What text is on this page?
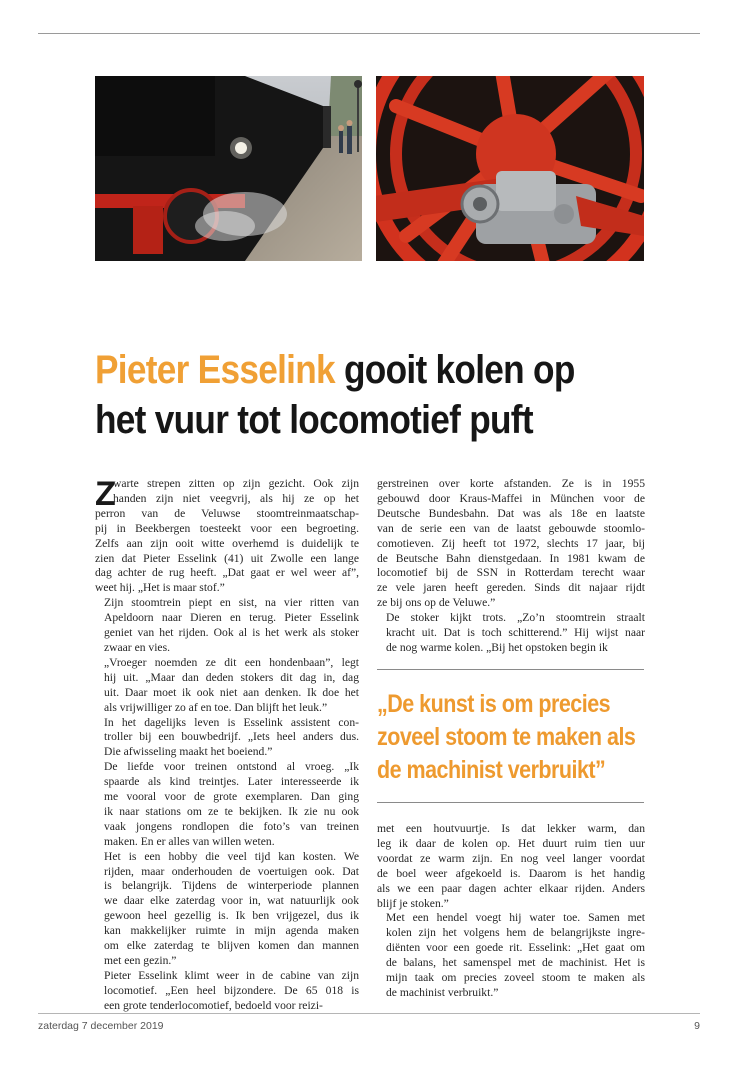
Pieter Esselink gooit kolen op
het vuur tot locomotief puft

Z
warte strepen zitten op zijn gezicht. Ook zijn
handen zijn niet veegvrij, als hij ze op het
perron van de Veluwse stoomtreinmaatschap-
pij in Beekbergen toesteekt voor een begroeting.
Zelfs aan zijn ooit witte overhemd is duidelijk te
zien dat Pieter Esselink (41) uit Zwolle een lange
dag achter de rug heeft. „Dat gaat er wel weer af”,
weet hij. „Het is maar stof.”

Zijn stoomtrein piept en sist, na vier ritten van
Apeldoorn naar Dieren en terug. Pieter Esselink
geniet van het rijden. Ook al is het werk als stoker
zwaar en vies.

„Vroeger noemden ze dit een hondenbaan”, legt
hij uit. „Maar dan deden stokers dit dag in, dag
uit. Daar moet ik ook niet aan denken. Ik doe het
als vrijwilliger zo af en toe. Dan blijft het leuk.”

In het dagelijks leven is Esselink assistent con-
troller bij een bouwbedrijf. „Iets heel anders dus.
Die afwisseling maakt het boeiend.”

De liefde voor treinen ontstond al vroeg. „Ik
spaarde als kind treintjes. Later interesseerde ik
me vooral voor de grote exemplaren. Dan ging
ik naar stations om ze te bekijken. Ik zie nu ook
vaak jongens rondlopen die foto’s van treinen
maken. En er alles van willen weten.

Het is een hobby die veel tijd kan kosten. We
rijden, maar onderhouden de voertuigen ook. Dat
is belangrijk. Tijdens de winterperiode plannen
we daar elke zaterdag voor in, wat natuurlijk ook
gewoon heel gezellig is. Ik ben vrijgezel, dus ik
kan makkelijker ruimte in mijn agenda maken
om elke zaterdag te blijven komen dan mannen
met een gezin.”

Pieter Esselink klimt weer in de cabine van zijn
locomotief. „Een heel bijzondere. De 65 018 is
een grote tenderlocomotief, bedoeld voor reizi-

gerstreinen over korte afstanden. Ze is in 1955
gebouwd door Kraus-Maffei in München voor de
Deutsche Bundesbahn. Dat was als 18e en laatste
van de serie een van de laatst gebouwde stoomlo-
comotieven. Zij heeft tot 1972, slechts 17 jaar, bij
de Beutsche Bahn dienstgedaan. In 1981 kwam de
locomotief bij de SSN in Rotterdam terecht waar
ze vele jaren heeft gereden. Sinds dit najaar rijdt
ze bij ons op de Veluwe.”

De stoker kijkt trots. „Zo’n stoomtrein straalt
kracht uit. Dat is toch schitterend.” Hij wijst naar
de nog warme kolen. „Bij het opstoken begin ik

„De kunst is om precies
zoveel stoom te maken als
de machinist verbruikt”

met een houtvuurtje. Is dat lekker warm, dan
leg ik daar de kolen op. Het duurt ruim tien uur
voordat ze warm zijn. En nog veel langer voordat
de boel weer afgekoeld is. Daarom is het handig
als we een paar dagen achter elkaar rijden. Anders
blijf je stoken.”

Met een hendel voegt hij water toe. Samen met
kolen zijn het volgens hem de belangrijkste ingre-
diënten voor een goede rit. Esselink: „Het gaat om
de balans, het samenspel met de machinist. Het is
mijn taak om precies zoveel stoom te maken als
de machinist verbruikt.”

zaterdag 7 december 2019	9
